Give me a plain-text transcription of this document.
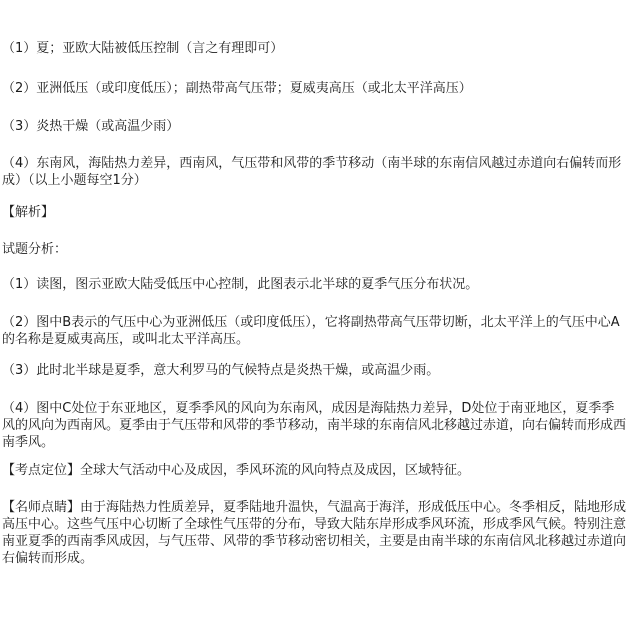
（1）夏；亚欧大陆被低压控制（言之有理即可）
（2）亚洲低压（或印度低压）；副热带高气压带；夏威夷高压（或北太平洋高压）
（3）炎热干燥（或高温少雨）
（4）东南风，海陆热力差异，西南风，气压带和风带的季节移动（南半球的东南信风越过赤道向右偏转而形成）（以上小题每空1分）
【解析】
试题分析：
（1）读图，图示亚欧大陆受低压中心控制，此图表示北半球的夏季气压分布状况。
（2）图中B表示的气压中心为亚洲低压（或印度低压），它将副热带高气压带切断，北太平洋上的气压中心A的名称是夏威夷高压，或叫北太平洋高压。
（3）此时北半球是夏季，意大利罗马的气候特点是炎热干燥，或高温少雨。
（4）图中C处位于东亚地区，夏季季风的风向为东南风，成因是海陆热力差异，D处位于南亚地区，夏季季风的风向为西南风。夏季由于气压带和风带的季节移动，南半球的东南信风北移越过赤道，向右偏转而形成西南季风。
【考点定位】全球大气活动中心及成因，季风环流的风向特点及成因，区域特征。
【名师点睛】由于海陆热力性质差异，夏季陆地升温快，气温高于海洋，形成低压中心。冬季相反，陆地形成高压中心。这些气压中心切断了全球性气压带的分布，导致大陆东岸形成季风环流，形成季风气候。特别注意南亚夏季的西南季风成因，与气压带、风带的季节移动密切相关，主要是由南半球的东南信风北移越过赤道向右偏转而形成。
